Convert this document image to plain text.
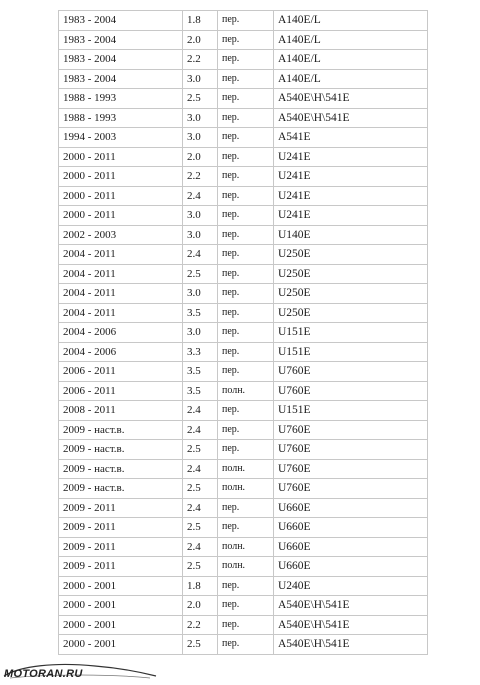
1983 - 2004	1.8	пер.	A140E/L
1983 - 2004	2.0	пер.	A140E/L
1983 - 2004	2.2	пер.	A140E/L
1983 - 2004	3.0	пер.	A140E/L
1988 - 1993	2.5	пер.	A540E\H\541E
1988 - 1993	3.0	пер.	A540E\H\541E
1994 - 2003	3.0	пер.	A541E
2000 - 2011	2.0	пер.	U241E
2000 - 2011	2.2	пер.	U241E
2000 - 2011	2.4	пер.	U241E
2000 - 2011	3.0	пер.	U241E
2002 - 2003	3.0	пер.	U140E
2004 - 2011	2.4	пер.	U250E
2004 - 2011	2.5	пер.	U250E
2004 - 2011	3.0	пер.	U250E
2004 - 2011	3.5	пер.	U250E
2004 - 2006	3.0	пер.	U151E
2004 - 2006	3.3	пер.	U151E
2006 - 2011	3.5	пер.	U760E
2006 - 2011	3.5	полн.	U760E
2008 - 2011	2.4	пер.	U151E
2009 - наст.в.	2.4	пер.	U760E
2009 - наст.в.	2.5	пер.	U760E
2009 - наст.в.	2.4	полн.	U760E
2009 - наст.в.	2.5	полн.	U760E
2009 - 2011	2.4	пер.	U660E
2009 - 2011	2.5	пер.	U660E
2009 - 2011	2.4	полн.	U660E
2009 - 2011	2.5	полн.	U660E
2000 - 2001	1.8	пер.	U240E
2000 - 2001	2.0	пер.	A540E\H\541E
2000 - 2001	2.2	пер.	A540E\H\541E
2000 - 2001	2.5	пер.	A540E\H\541E
MOTORAN.RU
